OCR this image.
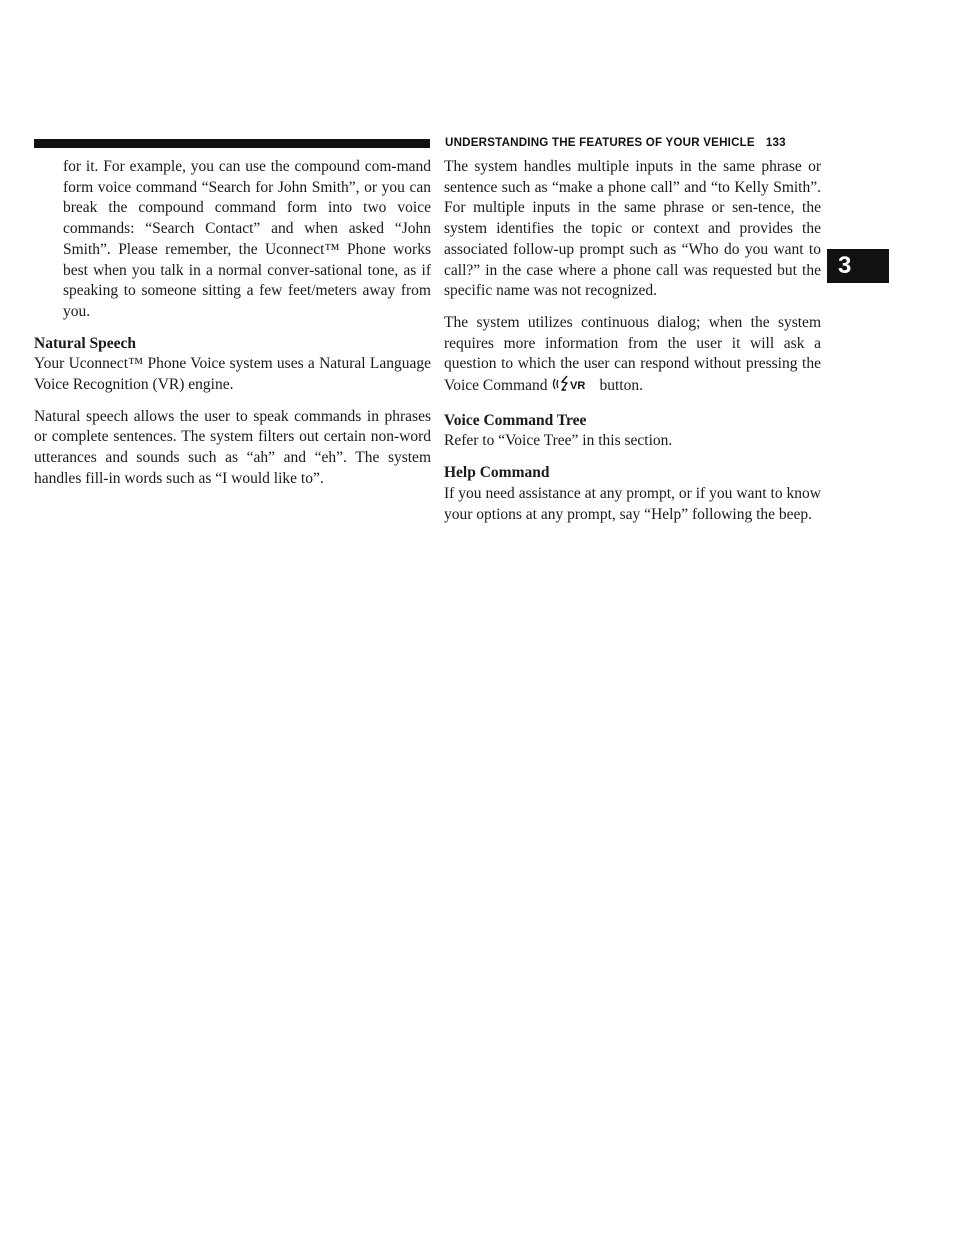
UNDERSTANDING THE FEATURES OF YOUR VEHICLE 133
3

for it. For example, you can use the compound com-mand form voice command “Search for John Smith”, or you can break the compound command form into two voice commands: “Search Contact” and when asked “John Smith”. Please remember, the Uconnect™ Phone works best when you talk in a normal conver-sational tone, as if speaking to someone sitting a few feet/meters away from you.

Natural Speech

Your Uconnect™ Phone Voice system uses a Natural Language Voice Recognition (VR) engine.

Natural speech allows the user to speak commands in phrases or complete sentences. The system filters out certain non-word utterances and sounds such as “ah” and “eh”. The system handles fill-in words such as “I would like to”.

The system handles multiple inputs in the same phrase or sentence such as “make a phone call” and “to Kelly Smith”. For multiple inputs in the same phrase or sen-tence, the system identifies the topic or context and provides the associated follow-up prompt such as “Who do you want to call?” in the case where a phone call was requested but the specific name was not recognized.

The system utilizes continuous dialog; when the system requires more information from the user it will ask a question to which the user can respond without pressing the Voice Command VR button.

Voice Command Tree

Refer to “Voice Tree” in this section.

Help Command

If you need assistance at any prompt, or if you want to know your options at any prompt, say “Help” following the beep.
